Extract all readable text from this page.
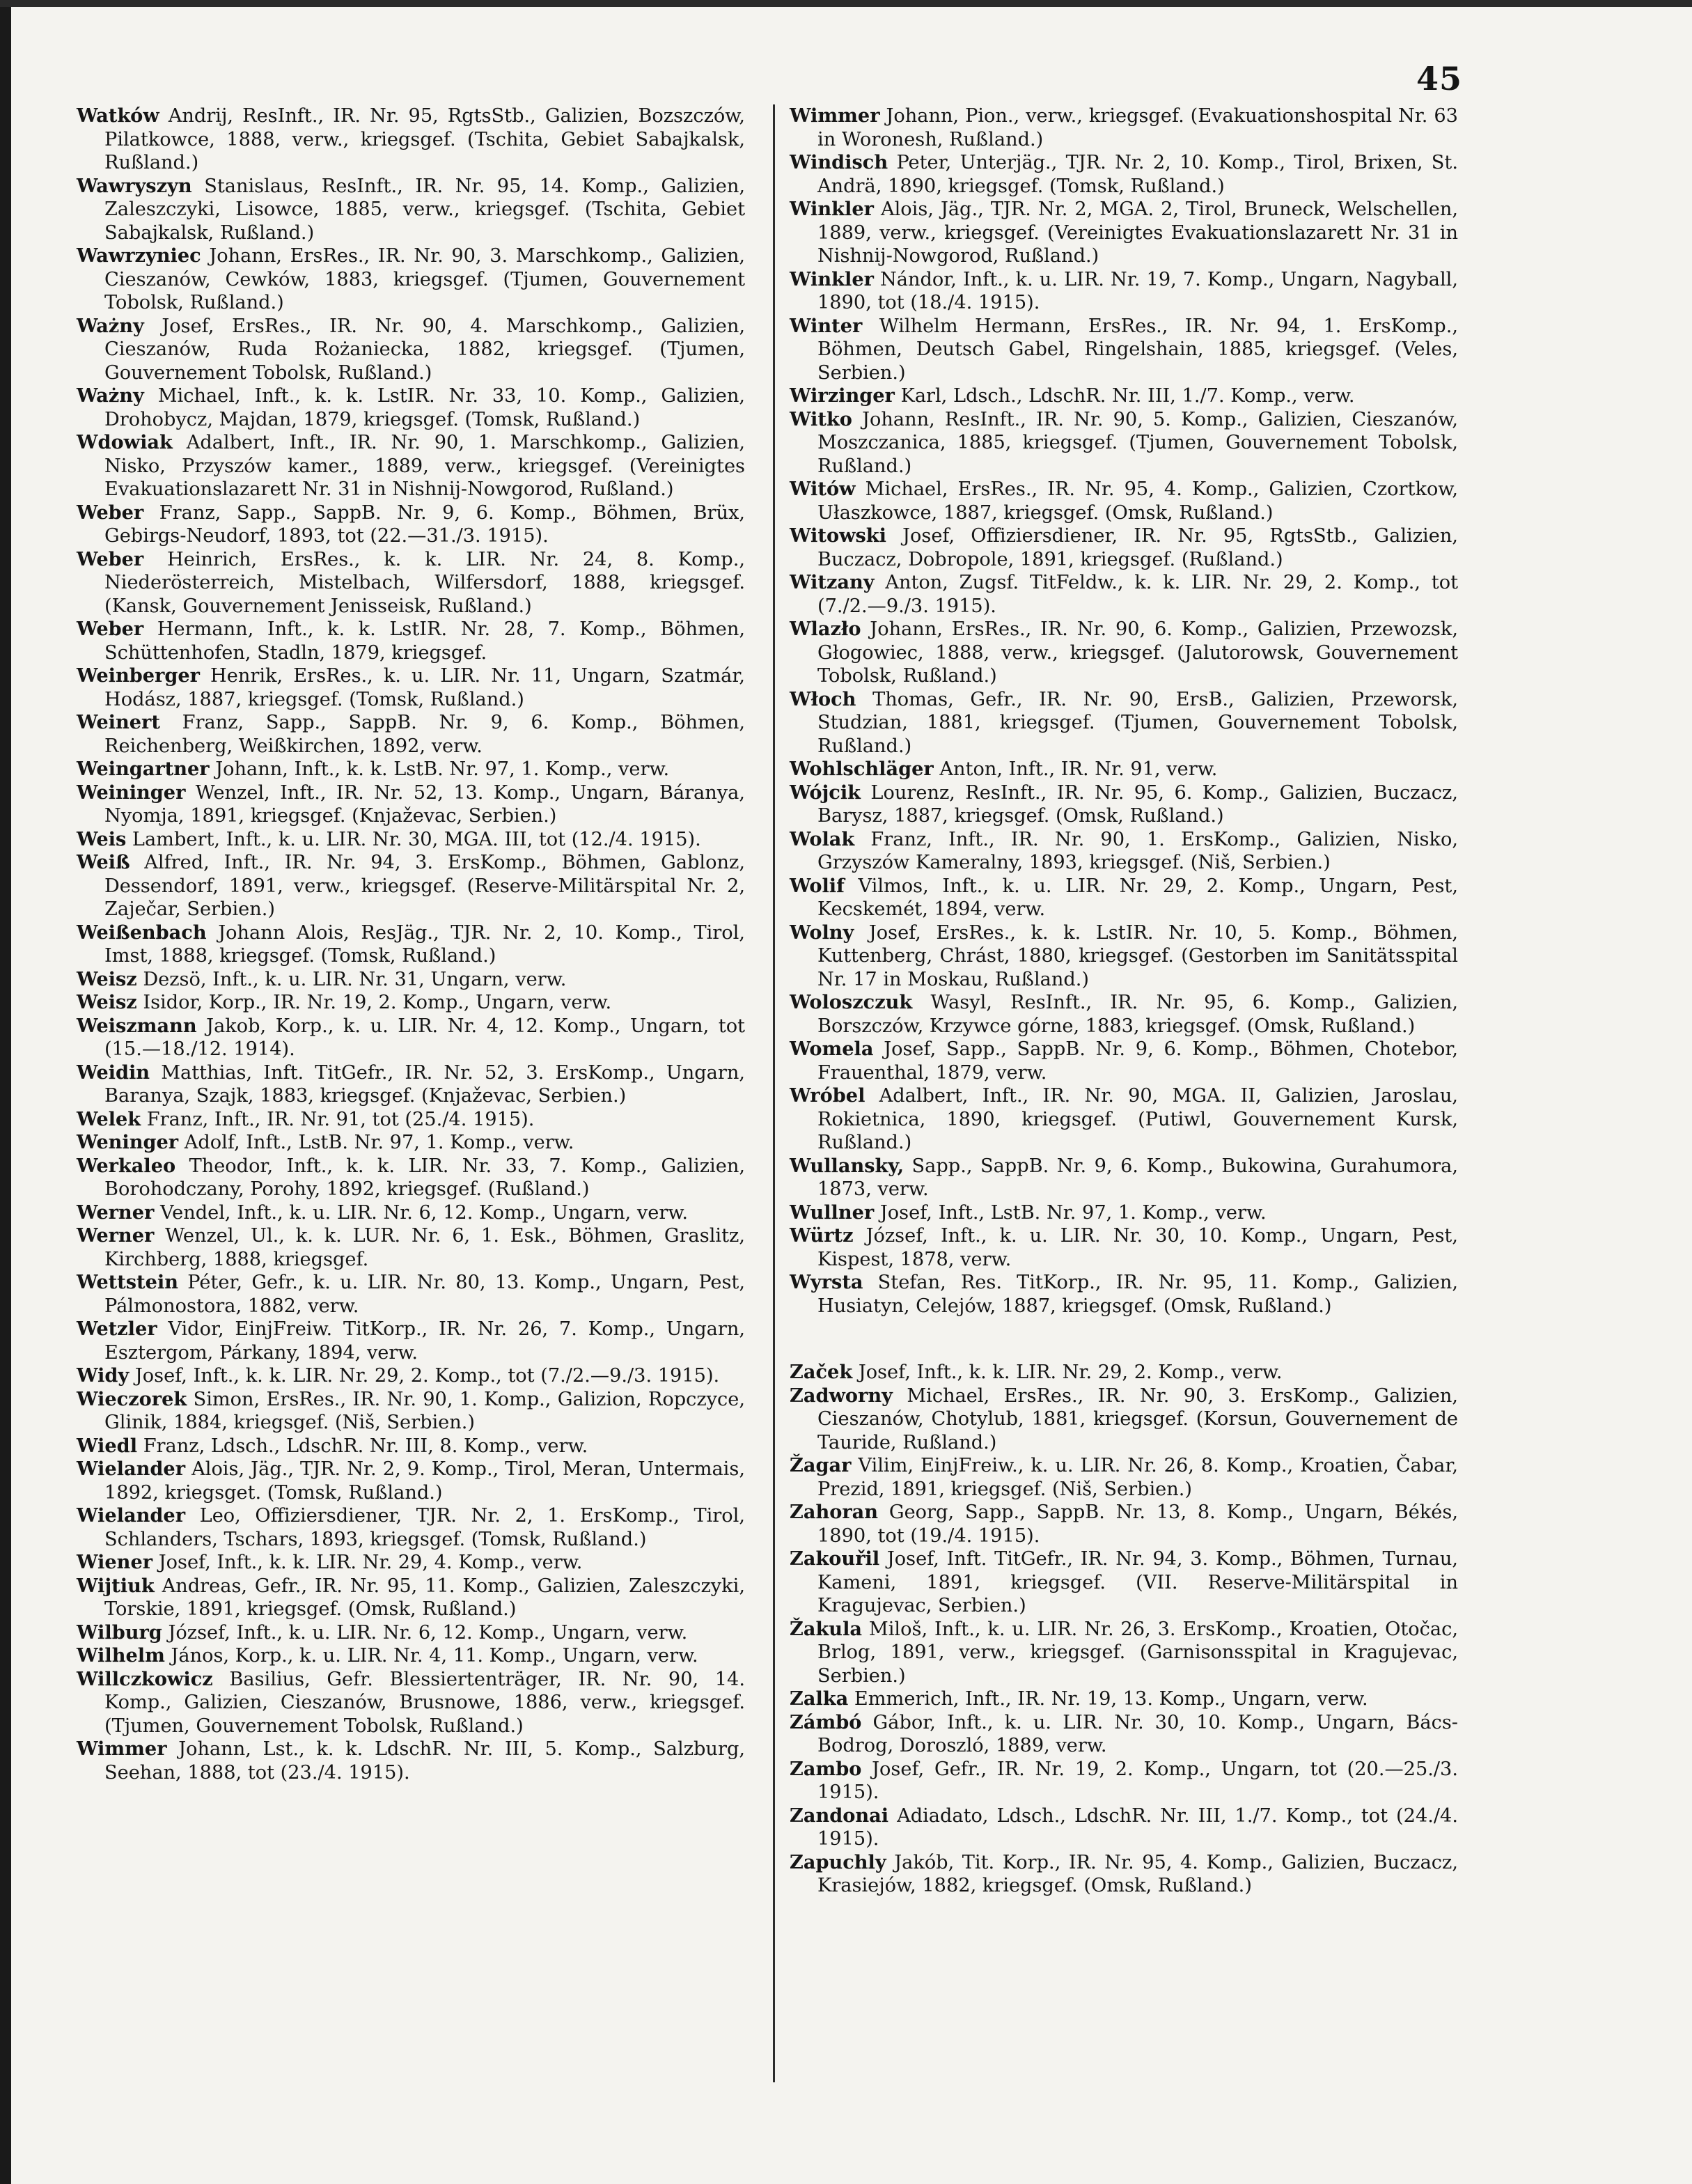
45

Watków Andrij, ResInft., IR. Nr. 95, RgtsStb., Galizien, Bozszczów, Pilatkowce, 1888, verw., kriegsgef. (Tschita, Gebiet Sabajkalsk, Rußland.)

Wawryszyn Stanislaus, ResInft., IR. Nr. 95, 14. Komp., Galizien, Zaleszczyki, Lisowce, 1885, verw., kriegsgef. (Tschita, Gebiet Sabajkalsk, Rußland.)

Wawrzyniec Johann, ErsRes., IR. Nr. 90, 3. Marschkomp., Galizien, Cieszanów, Cewków, 1883, kriegsgef. (Tjumen, Gouvernement Tobolsk, Rußland.)

Ważny Josef, ErsRes., IR. Nr. 90, 4. Marschkomp., Galizien, Cieszanów, Ruda Rożaniecka, 1882, kriegsgef. (Tjumen, Gouvernement Tobolsk, Rußland.)

Ważny Michael, Inft., k. k. LstIR. Nr. 33, 10. Komp., Galizien, Drohobycz, Majdan, 1879, kriegsgef. (Tomsk, Rußland.)

Wdowiak Adalbert, Inft., IR. Nr. 90, 1. Marschkomp., Galizien, Nisko, Przyszów kamer., 1889, verw., kriegsgef. (Vereinigtes Evakuationslazarett Nr. 31 in Nishnij-Nowgorod, Rußland.)

Weber Franz, Sapp., SappB. Nr. 9, 6. Komp., Böhmen, Brüx, Gebirgs-Neudorf, 1893, tot (22.—31./3. 1915).

Weber Heinrich, ErsRes., k. k. LIR. Nr. 24, 8. Komp., Niederösterreich, Mistelbach, Wilfersdorf, 1888, kriegsgef. (Kansk, Gouvernement Jenisseisk, Rußland.)

Weber Hermann, Inft., k. k. LstIR. Nr. 28, 7. Komp., Böhmen, Schüttenhofen, Stadln, 1879, kriegsgef.

Weinberger Henrik, ErsRes., k. u. LIR. Nr. 11, Ungarn, Szatmár, Hodász, 1887, kriegsgef. (Tomsk, Rußland.)

Weinert Franz, Sapp., SappB. Nr. 9, 6. Komp., Böhmen, Reichenberg, Weißkirchen, 1892, verw.

Weingartner Johann, Inft., k. k. LstB. Nr. 97, 1. Komp., verw.

Weininger Wenzel, Inft., IR. Nr. 52, 13. Komp., Ungarn, Báranya, Nyomja, 1891, kriegsgef. (Knjaževac, Serbien.)

Weis Lambert, Inft., k. u. LIR. Nr. 30, MGA. III, tot (12./4. 1915).

Weiß Alfred, Inft., IR. Nr. 94, 3. ErsKomp., Böhmen, Gablonz, Dessendorf, 1891, verw., kriegsgef. (Reserve-Militärspital Nr. 2, Zaječar, Serbien.)

Weißenbach Johann Alois, ResJäg., TJR. Nr. 2, 10. Komp., Tirol, Imst, 1888, kriegsgef. (Tomsk, Rußland.)

Weisz Dezsö, Inft., k. u. LIR. Nr. 31, Ungarn, verw.

Weisz Isidor, Korp., IR. Nr. 19, 2. Komp., Ungarn, verw.

Weiszmann Jakob, Korp., k. u. LIR. Nr. 4, 12. Komp., Ungarn, tot (15.—18./12. 1914).

Weidin Matthias, Inft. TitGefr., IR. Nr. 52, 3. ErsKomp., Ungarn, Baranya, Szajk, 1883, kriegsgef. (Knjaževac, Serbien.)

Welek Franz, Inft., IR. Nr. 91, tot (25./4. 1915).

Weninger Adolf, Inft., LstB. Nr. 97, 1. Komp., verw.

Werkaleo Theodor, Inft., k. k. LIR. Nr. 33, 7. Komp., Galizien, Borohodczany, Porohy, 1892, kriegsgef. (Rußland.)

Werner Vendel, Inft., k. u. LIR. Nr. 6, 12. Komp., Ungarn, verw.

Werner Wenzel, Ul., k. k. LUR. Nr. 6, 1. Esk., Böhmen, Graslitz, Kirchberg, 1888, kriegsgef.

Wettstein Péter, Gefr., k. u. LIR. Nr. 80, 13. Komp., Ungarn, Pest, Pálmonostora, 1882, verw.

Wetzler Vidor, EinjFreiw. TitKorp., IR. Nr. 26, 7. Komp., Ungarn, Esztergom, Párkany, 1894, verw.

Widy Josef, Inft., k. k. LIR. Nr. 29, 2. Komp., tot (7./2.—9./3. 1915).

Wieczorek Simon, ErsRes., IR. Nr. 90, 1. Komp., Galizion, Ropczyce, Glinik, 1884, kriegsgef. (Niš, Serbien.)

Wiedl Franz, Ldsch., LdschR. Nr. III, 8. Komp., verw.

Wielander Alois, Jäg., TJR. Nr. 2, 9. Komp., Tirol, Meran, Untermais, 1892, kriegsget. (Tomsk, Rußland.)

Wielander Leo, Offiziersdiener, TJR. Nr. 2, 1. ErsKomp., Tirol, Schlanders, Tschars, 1893, kriegsgef. (Tomsk, Rußland.)

Wiener Josef, Inft., k. k. LIR. Nr. 29, 4. Komp., verw.

Wijtiuk Andreas, Gefr., IR. Nr. 95, 11. Komp., Galizien, Zaleszczyki, Torskie, 1891, kriegsgef. (Omsk, Rußland.)

Wilburg József, Inft., k. u. LIR. Nr. 6, 12. Komp., Ungarn, verw.

Wilhelm János, Korp., k. u. LIR. Nr. 4, 11. Komp., Ungarn, verw.

Willczkowicz Basilius, Gefr. Blessiertenträger, IR. Nr. 90, 14. Komp., Galizien, Cieszanów, Brusnowe, 1886, verw., kriegsgef. (Tjumen, Gouvernement Tobolsk, Rußland.)

Wimmer Johann, Lst., k. k. LdschR. Nr. III, 5. Komp., Salzburg, Seehan, 1888, tot (23./4. 1915).

Wimmer Johann, Pion., verw., kriegsgef. (Evakuationshospital Nr. 63 in Woronesh, Rußland.)

Windisch Peter, Unterjäg., TJR. Nr. 2, 10. Komp., Tirol, Brixen, St. Andrä, 1890, kriegsgef. (Tomsk, Rußland.)

Winkler Alois, Jäg., TJR. Nr. 2, MGA. 2, Tirol, Bruneck, Welschellen, 1889, verw., kriegsgef. (Vereinigtes Evakuationslazarett Nr. 31 in Nishnij-Nowgorod, Rußland.)

Winkler Nándor, Inft., k. u. LIR. Nr. 19, 7. Komp., Ungarn, Nagyball, 1890, tot (18./4. 1915).

Winter Wilhelm Hermann, ErsRes., IR. Nr. 94, 1. ErsKomp., Böhmen, Deutsch Gabel, Ringelshain, 1885, kriegsgef. (Veles, Serbien.)

Wirzinger Karl, Ldsch., LdschR. Nr. III, 1./7. Komp., verw.

Witko Johann, ResInft., IR. Nr. 90, 5. Komp., Galizien, Cieszanów, Moszczanica, 1885, kriegsgef. (Tjumen, Gouvernement Tobolsk, Rußland.)

Witów Michael, ErsRes., IR. Nr. 95, 4. Komp., Galizien, Czortkow, Ułaszkowce, 1887, kriegsgef. (Omsk, Rußland.)

Witowski Josef, Offiziersdiener, IR. Nr. 95, RgtsStb., Galizien, Buczacz, Dobropole, 1891, kriegsgef. (Rußland.)

Witzany Anton, Zugsf. TitFeldw., k. k. LIR. Nr. 29, 2. Komp., tot (7./2.—9./3. 1915).

Wlazło Johann, ErsRes., IR. Nr. 90, 6. Komp., Galizien, Przewozsk, Głogowiec, 1888, verw., kriegsgef. (Jalutorowsk, Gouvernement Tobolsk, Rußland.)

Włoch Thomas, Gefr., IR. Nr. 90, ErsB., Galizien, Przeworsk, Studzian, 1881, kriegsgef. (Tjumen, Gouvernement Tobolsk, Rußland.)

Wohlschläger Anton, Inft., IR. Nr. 91, verw.

Wójcik Lourenz, ResInft., IR. Nr. 95, 6. Komp., Galizien, Buczacz, Barysz, 1887, kriegsgef. (Omsk, Rußland.)

Wolak Franz, Inft., IR. Nr. 90, 1. ErsKomp., Galizien, Nisko, Grzyszów Kameralny, 1893, kriegsgef. (Niš, Serbien.)

Wolif Vilmos, Inft., k. u. LIR. Nr. 29, 2. Komp., Ungarn, Pest, Kecskemét, 1894, verw.

Wolny Josef, ErsRes., k. k. LstIR. Nr. 10, 5. Komp., Böhmen, Kuttenberg, Chrást, 1880, kriegsgef. (Gestorben im Sanitätsspital Nr. 17 in Moskau, Rußland.)

Woloszczuk Wasyl, ResInft., IR. Nr. 95, 6. Komp., Galizien, Borszczów, Krzywce górne, 1883, kriegsgef. (Omsk, Rußland.)

Womela Josef, Sapp., SappB. Nr. 9, 6. Komp., Böhmen, Chotebor, Frauenthal, 1879, verw.

Wróbel Adalbert, Inft., IR. Nr. 90, MGA. II, Galizien, Jaroslau, Rokietnica, 1890, kriegsgef. (Putiwl, Gouvernement Kursk, Rußland.)

Wullansky, Sapp., SappB. Nr. 9, 6. Komp., Bukowina, Gurahumora, 1873, verw.

Wullner Josef, Inft., LstB. Nr. 97, 1. Komp., verw.

Würtz József, Inft., k. u. LIR. Nr. 30, 10. Komp., Ungarn, Pest, Kispest, 1878, verw.

Wyrsta Stefan, Res. TitKorp., IR. Nr. 95, 11. Komp., Galizien, Husiatyn, Celejów, 1887, kriegsgef. (Omsk, Rußland.)

Začek Josef, Inft., k. k. LIR. Nr. 29, 2. Komp., verw.

Zadworny Michael, ErsRes., IR. Nr. 90, 3. ErsKomp., Galizien, Cieszanów, Chotylub, 1881, kriegsgef. (Korsun, Gouvernement de Tauride, Rußland.)

Žagar Vilim, EinjFreiw., k. u. LIR. Nr. 26, 8. Komp., Kroatien, Čabar, Prezid, 1891, kriegsgef. (Niš, Serbien.)

Zahoran Georg, Sapp., SappB. Nr. 13, 8. Komp., Ungarn, Békés, 1890, tot (19./4. 1915).

Zakouřil Josef, Inft. TitGefr., IR. Nr. 94, 3. Komp., Böhmen, Turnau, Kameni, 1891, kriegsgef. (VII. Reserve-Militärspital in Kragujevac, Serbien.)

Žakula Miloš, Inft., k. u. LIR. Nr. 26, 3. ErsKomp., Kroatien, Otočac, Brlog, 1891, verw., kriegsgef. (Garnisonsspital in Kragujevac, Serbien.)

Zalka Emmerich, Inft., IR. Nr. 19, 13. Komp., Ungarn, verw.

Zámbó Gábor, Inft., k. u. LIR. Nr. 30, 10. Komp., Ungarn, Bács-Bodrog, Doroszló, 1889, verw.

Zambo Josef, Gefr., IR. Nr. 19, 2. Komp., Ungarn, tot (20.—25./3. 1915).

Zandonai Adiadato, Ldsch., LdschR. Nr. III, 1./7. Komp., tot (24./4. 1915).

Zapuchly Jakób, Tit. Korp., IR. Nr. 95, 4. Komp., Galizien, Buczacz, Krasiejów, 1882, kriegsgef. (Omsk, Rußland.)
